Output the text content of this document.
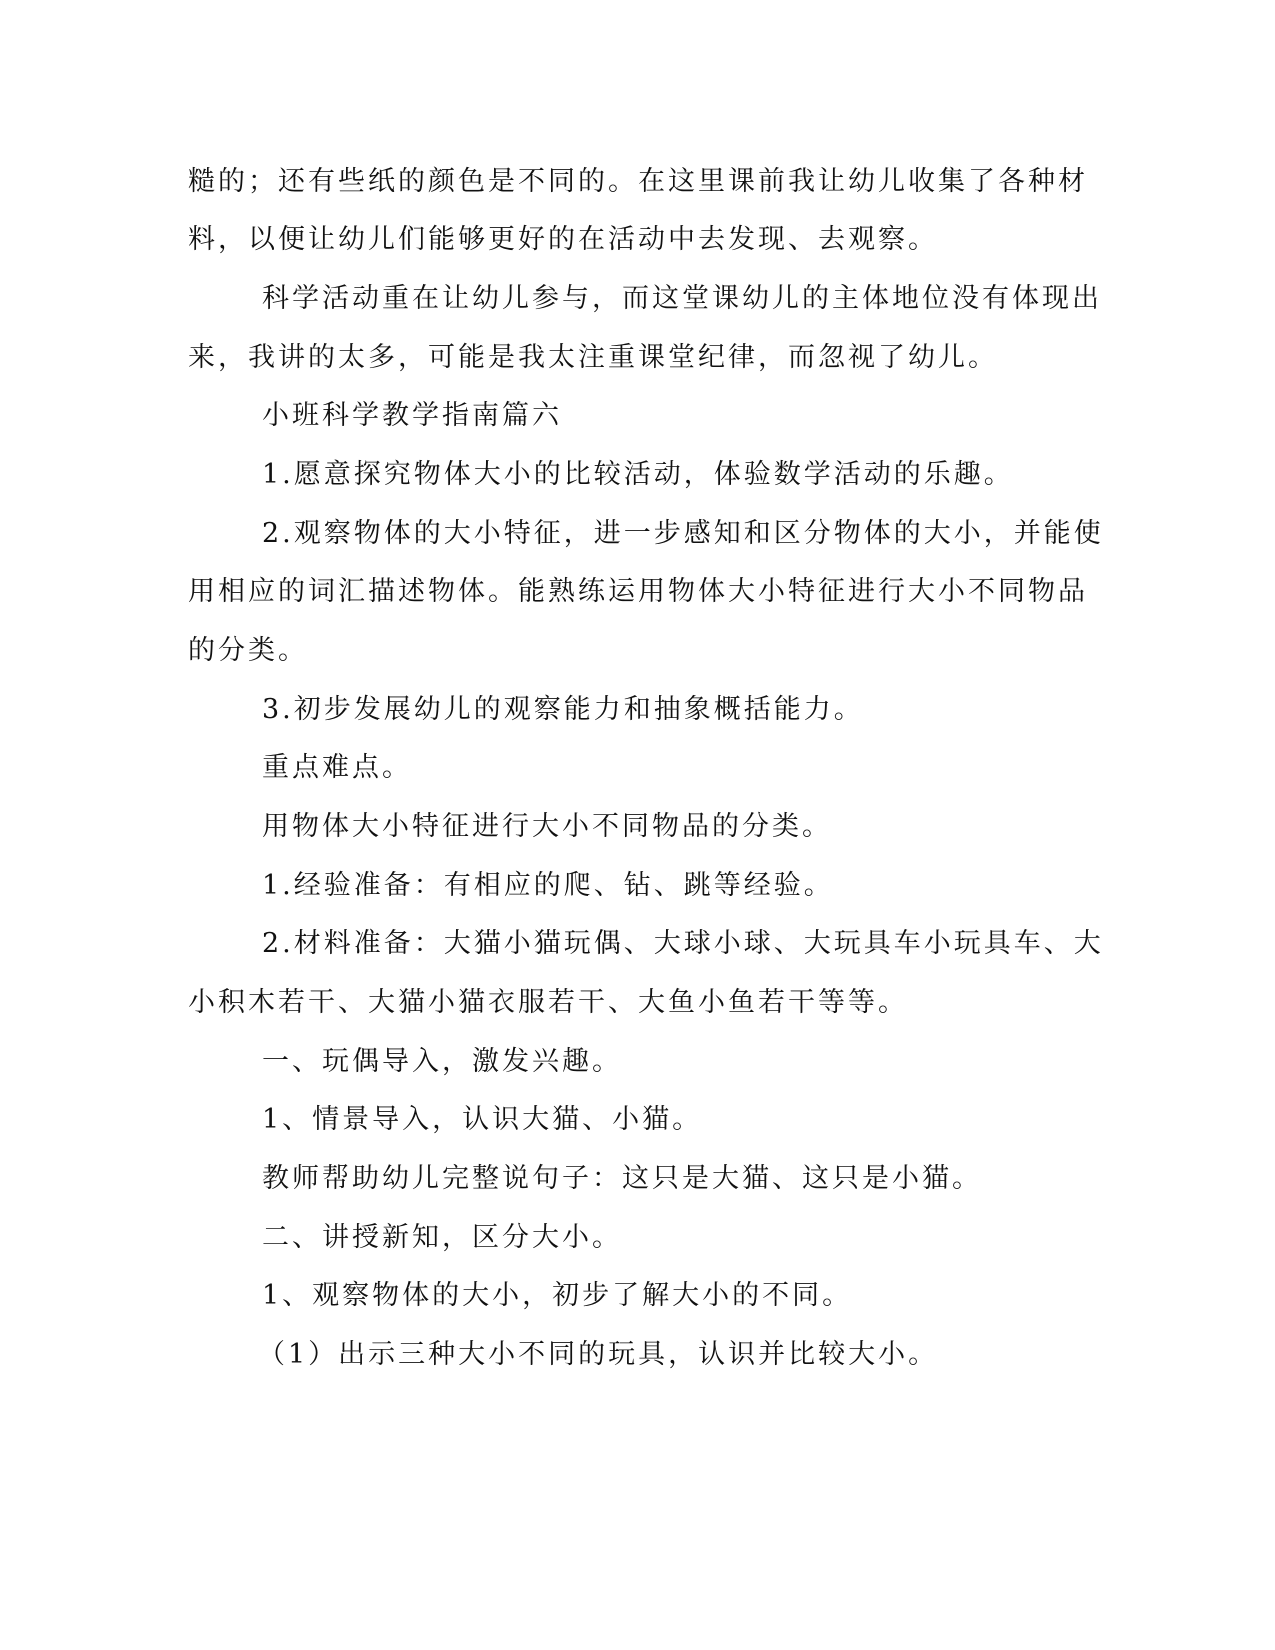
糙的；还有些纸的颜色是不同的。在这里课前我让幼儿收集了各种材
料，以便让幼儿们能够更好的在活动中去发现、去观察。
科学活动重在让幼儿参与，而这堂课幼儿的主体地位没有体现出
来，我讲的太多，可能是我太注重课堂纪律，而忽视了幼儿。
小班科学教学指南篇六
1.愿意探究物体大小的比较活动，体验数学活动的乐趣。
2.观察物体的大小特征，进一步感知和区分物体的大小，并能使
用相应的词汇描述物体。能熟练运用物体大小特征进行大小不同物品
的分类。
3.初步发展幼儿的观察能力和抽象概括能力。
重点难点。
用物体大小特征进行大小不同物品的分类。
1.经验准备：有相应的爬、钻、跳等经验。
2.材料准备：大猫小猫玩偶、大球小球、大玩具车小玩具车、大
小积木若干、大猫小猫衣服若干、大鱼小鱼若干等等。
一、玩偶导入，激发兴趣。
1、情景导入，认识大猫、小猫。
教师帮助幼儿完整说句子：这只是大猫、这只是小猫。
二、讲授新知，区分大小。
1、观察物体的大小，初步了解大小的不同。
（1）出示三种大小不同的玩具，认识并比较大小。
